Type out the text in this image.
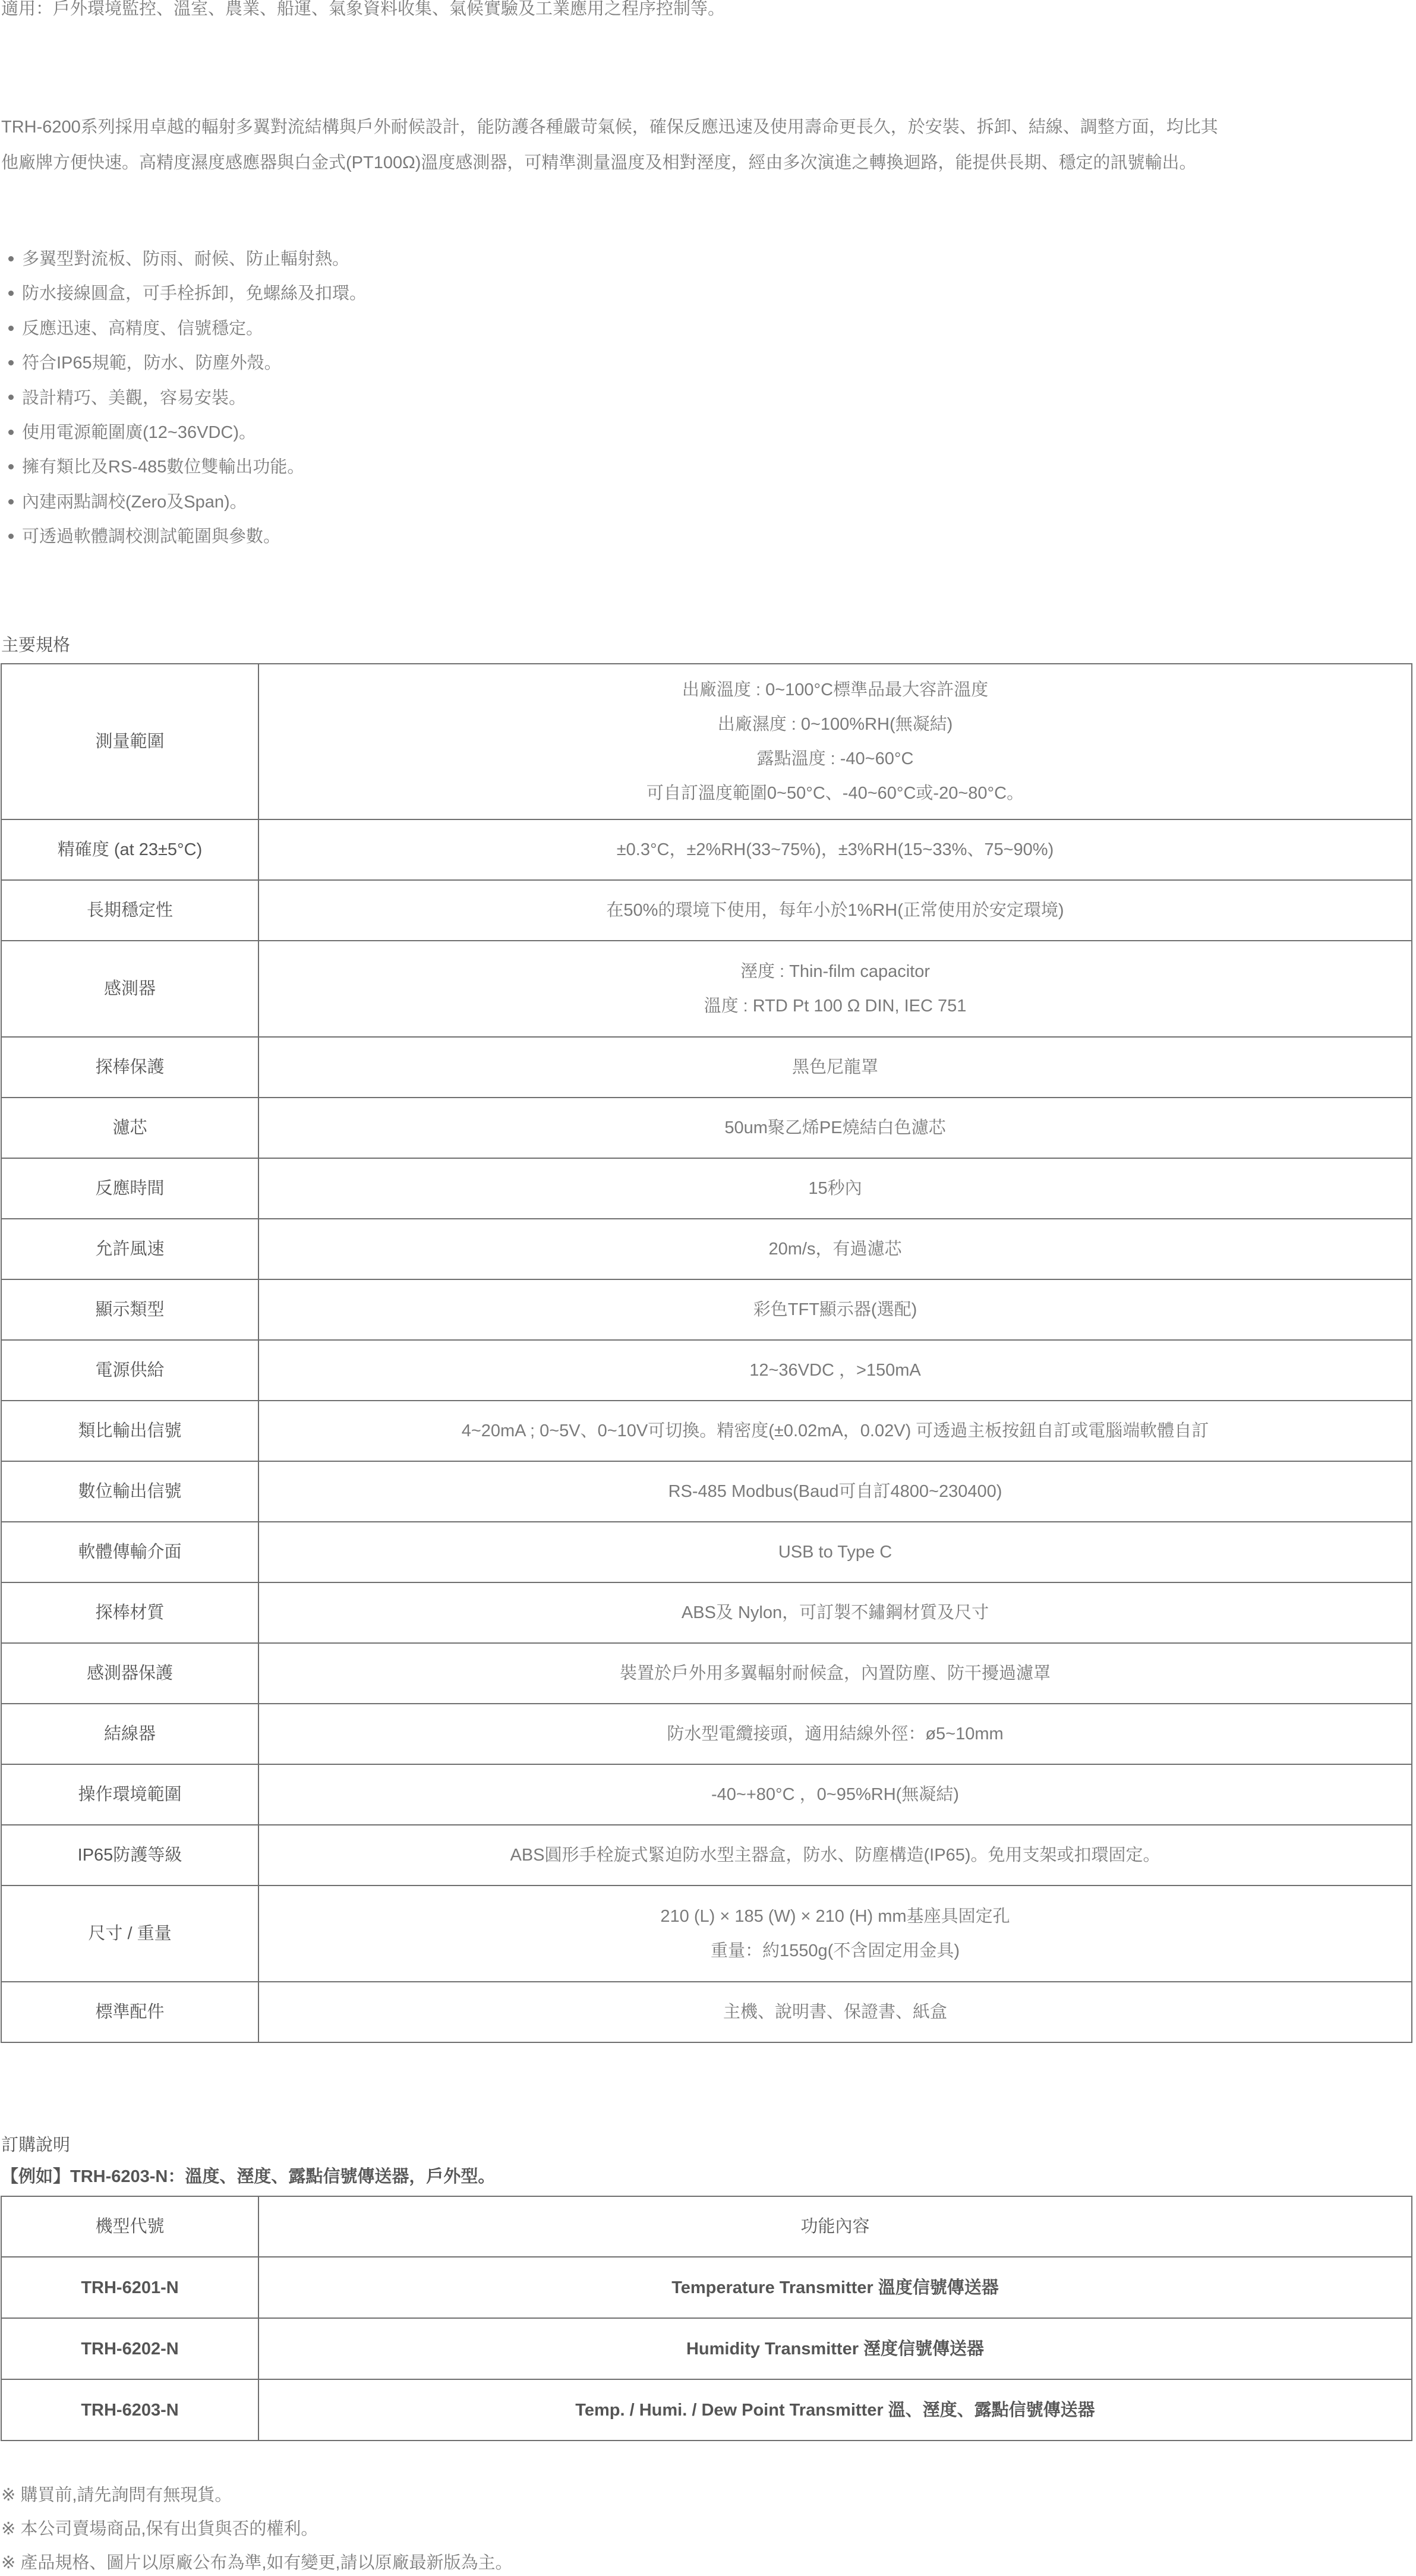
適用：戶外環境監控、溫室、農業、船運、氣象資料收集、氣候實驗及工業應用之程序控制等。

TRH-6200系列採用卓越的輻射多翼對流結構與戶外耐候設計，能防護各種嚴苛氣候，確保反應迅速及使用壽命更長久，於安裝、拆卸、結線、調整方面，均比其

他廠牌方便快速。高精度濕度感應器與白金式(PT100Ω)溫度感測器，可精準測量溫度及相對溼度，經由多次演進之轉換迴路，能提供長期、穩定的訊號輸出。

多翼型對流板、防雨、耐候、防止輻射熱。
防水接線圓盒，可手栓拆卸，免螺絲及扣環。
反應迅速、高精度、信號穩定。
符合IP65規範，防水、防塵外殼。
設計精巧、美觀，容易安裝。
使用電源範圍廣(12~36VDC)。
擁有類比及RS-485數位雙輸出功能。
內建兩點調校(Zero及Span)。
可透過軟體調校測試範圍與參數。
主要規格
測量範圍	出廠溫度 : 0~100°C標準品最大容許溫度
出廠濕度 : 0~100%RH(無凝結)
露點溫度 : -40~60°C
可自訂溫度範圍0~50°C、-40~60°C或-20~80°C。

精確度 (at 23±5°C)	±0.3°C，±2%RH(33~75%)，±3%RH(15~33%、75~90%)

長期穩定性	在50%的環境下使用，每年小於1%RH(正常使用於安定環境)

感測器	溼度 : Thin-film capacitor
溫度 : RTD Pt 100 Ω DIN, IEC 751

探棒保護	黑色尼龍罩

濾芯	50um聚乙烯PE燒結白色濾芯

反應時間	15秒內

允許風速	20m/s，有過濾芯

顯示類型	彩色TFT顯示器(選配)

電源供給	12~36VDC ，>150mA

類比輸出信號	4~20mA ; 0~5V、0~10V可切換。精密度(±0.02mA，0.02V) 可透過主板按鈕自訂或電腦端軟體自訂

數位輸出信號	RS-485 Modbus(Baud可自訂4800~230400)

軟體傳輸介面	USB to Type C

探棒材質	ABS及 Nylon，可訂製不鏽鋼材質及尺寸

感測器保護	裝置於戶外用多翼輻射耐候盒，內置防塵、防干擾過濾罩

結線器	防水型電纜接頭，適用結線外徑：ø5~10mm

操作環境範圍	-40~+80°C ，0~95%RH(無凝結)

IP65防護等級	ABS圓形手栓旋式緊迫防水型主器盒，防水、防塵構造(IP65)。免用支架或扣環固定。

尺寸 / 重量	210 (L) × 185 (W) × 210 (H) mm基座具固定孔
重量：約1550g(不含固定用金具)

標準配件	主機、說明書、保證書、紙盒
訂購說明
【例如】TRH-6203-N：溫度、溼度、露點信號傳送器，戶外型。
機型代號	功能內容
TRH-6201-N	Temperature Transmitter 溫度信號傳送器
TRH-6202-N	Humidity Transmitter 溼度信號傳送器
TRH-6203-N	Temp. / Humi. / Dew Point Transmitter 溫、溼度、露點信號傳送器
※ 購買前,請先詢問有無現貨。
※ 本公司賣場商品,保有出貨與否的權利。
※ 產品規格、圖片以原廠公布為準,如有變更,請以原廠最新版為主。
